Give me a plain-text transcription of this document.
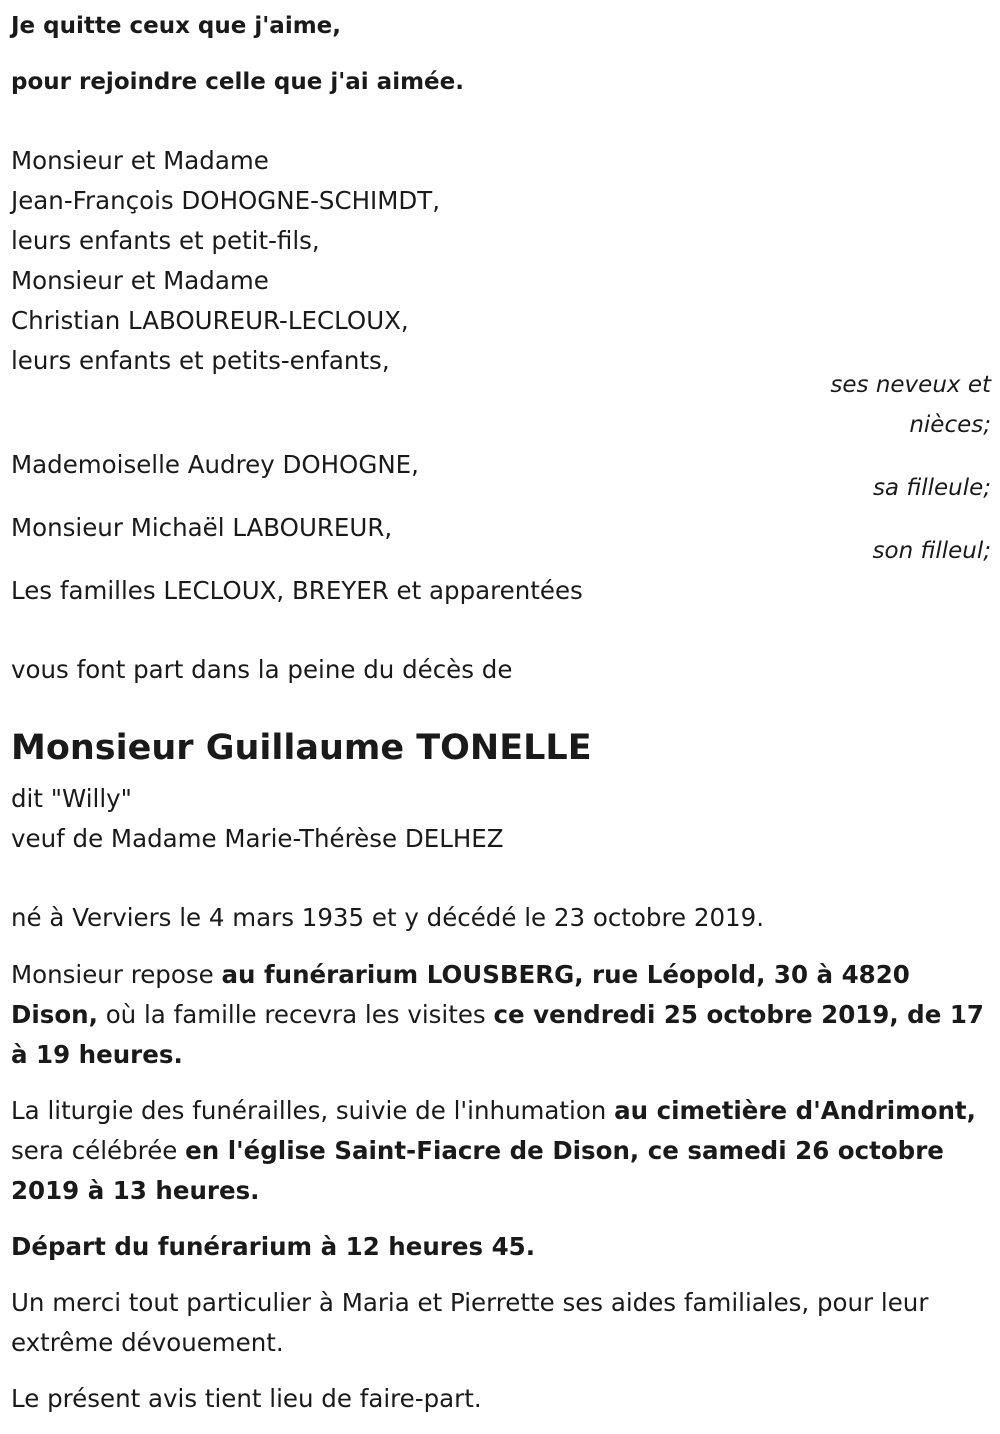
Je quitte ceux que j'aime,
pour rejoindre celle que j'ai aimée.
Monsieur et Madame
Jean-François DOHOGNE-SCHIMDT,
leurs enfants et petit-fils,
Monsieur et Madame
Christian LABOUREUR-LECLOUX,
leurs enfants et petits-enfants,
ses neveux et
nièces;
Mademoiselle Audrey DOHOGNE,
sa filleule;
Monsieur Michaël LABOUREUR,
son filleul;
Les familles LECLOUX, BREYER et apparentées
vous font part dans la peine du décès de
Monsieur Guillaume TONELLE
dit "Willy"
veuf de Madame Marie-Thérèse DELHEZ
né à Verviers le 4 mars 1935 et y décédé le 23 octobre 2019.
Monsieur repose au funérarium LOUSBERG, rue Léopold, 30 à 4820 Dison, où la famille recevra les visites ce vendredi 25 octobre 2019, de 17 à 19 heures.
La liturgie des funérailles, suivie de l'inhumation au cimetière d'Andrimont, sera célébrée en l'église Saint-Fiacre de Dison, ce samedi 26 octobre 2019 à 13 heures.
Départ du funérarium à 12 heures 45.
Un merci tout particulier à Maria et Pierrette ses aides familiales, pour leur extrême dévouement.
Le présent avis tient lieu de faire-part.
